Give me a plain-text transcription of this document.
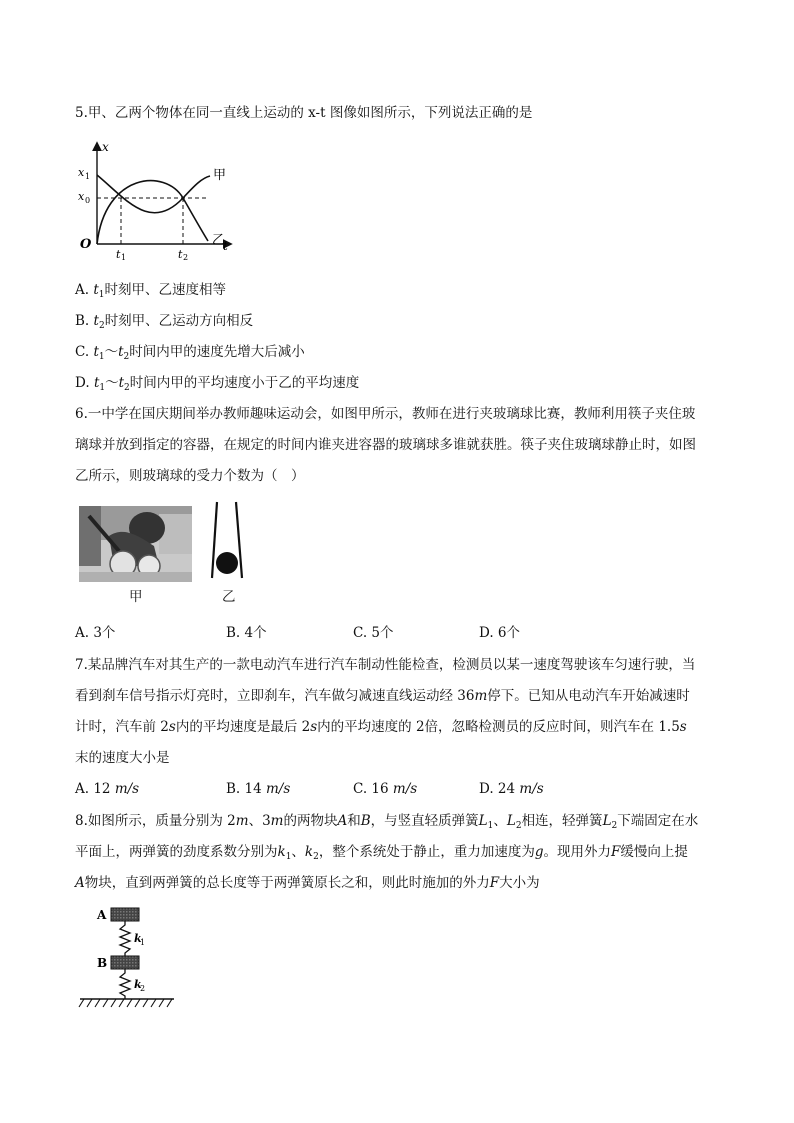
5.甲、乙两个物体在同一直线上运动的 x-t 图像如图所示，下列说法正确的是
x
t
O
x 1
x 0
t 1	t 2
甲
乙
A. $t_1$时刻甲、乙速度相等
B. $t_2$时刻甲、乙运动方向相反
C. $t_1\sim t_2$时间内甲的速度先增大后减小
D. $t_1\sim t_2$时间内甲的平均速度小于乙的平均速度
6.一中学在国庆期间举办教师趣味运动会，如图甲所示，教师在进行夹玻璃球比赛，教师利用筷子夹住玻
璃球并放到指定的容器，在规定的时间内谁夹进容器的玻璃球多谁就获胜。筷子夹住玻璃球静止时，如图
乙所示，则玻璃球的受力个数为（　）
甲	乙
A. 3个	B. 4个	C. 5个	D. 6个
7.某品牌汽车对其生产的一款电动汽车进行汽车制动性能检查，检测员以某一速度驾驶该车匀速行驶，当
看到刹车信号指示灯亮时，立即刹车，汽车做匀减速直线运动经 36m停下。已知从电动汽车开始减速时
计时，汽车前 2s内的平均速度是最后 2s内的平均速度的 2倍，忽略检测员的反应时间，则汽车在 1.5s
末的速度大小是
A. 12 m/s	B. 14 m/s	C. 16 m/s	D. 24 m/s
8.如图所示，质量分别为 2m、3m的两物块A和B，与竖直轻质弹簧$L_1$、$L_2$相连，轻弹簧$L_2$下端固定在水
平面上，两弹簧的劲度系数分别为$k_1$、$k_2$，整个系统处于静止，重力加速度为g。现用外力F缓慢向上提
A物块，直到两弹簧的总长度等于两弹簧原长之和，则此时施加的外力F大小为
A
k
1
B
k
2
